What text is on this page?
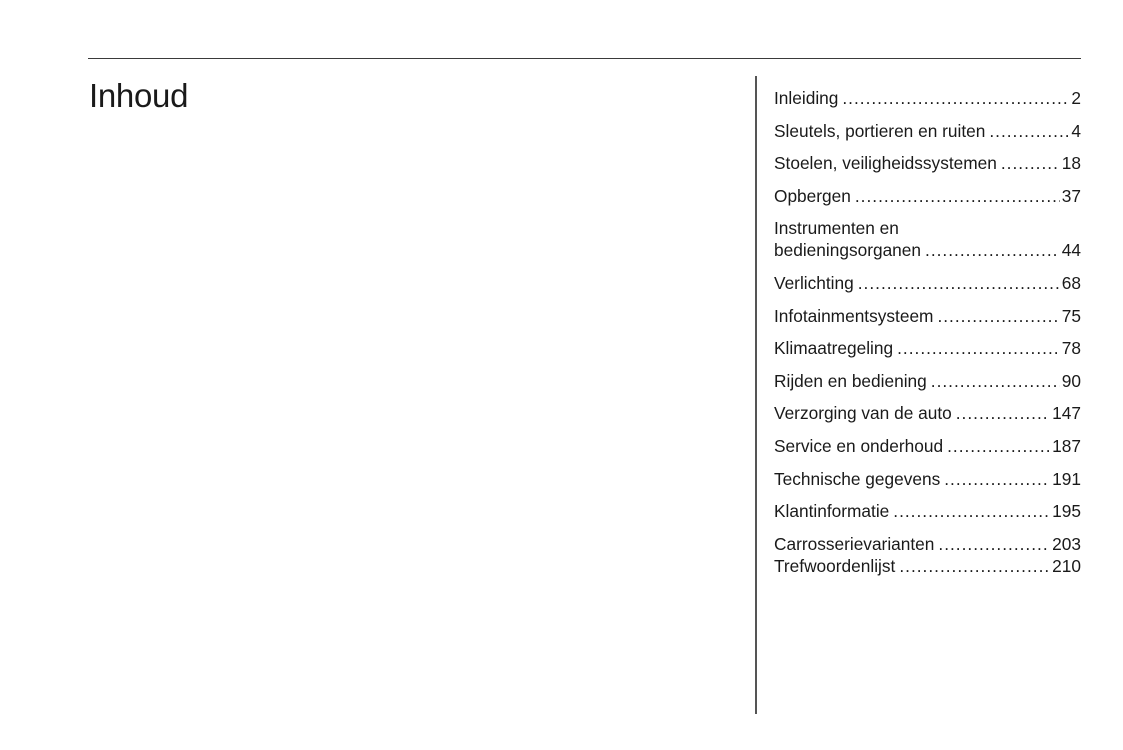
Inhoud	Inleiding .....	2
Sleutels, portieren en ruiten .....	4
Stoelen, veiligheidssystemen .....	18
Opbergen .....	37
Instrumenten en
bedieningsorganen .....	44
Verlichting .....	68
Infotainmentsysteem .....	75
Klimaatregeling .....	78
Rijden en bediening .....	90
Verzorging van de auto .....	147
Service en onderhoud .....	187
Technische gegevens .....	191
Klantinformatie .....	195
Carrosserievarianten .....	203
Trefwoordenlijst .....	210
